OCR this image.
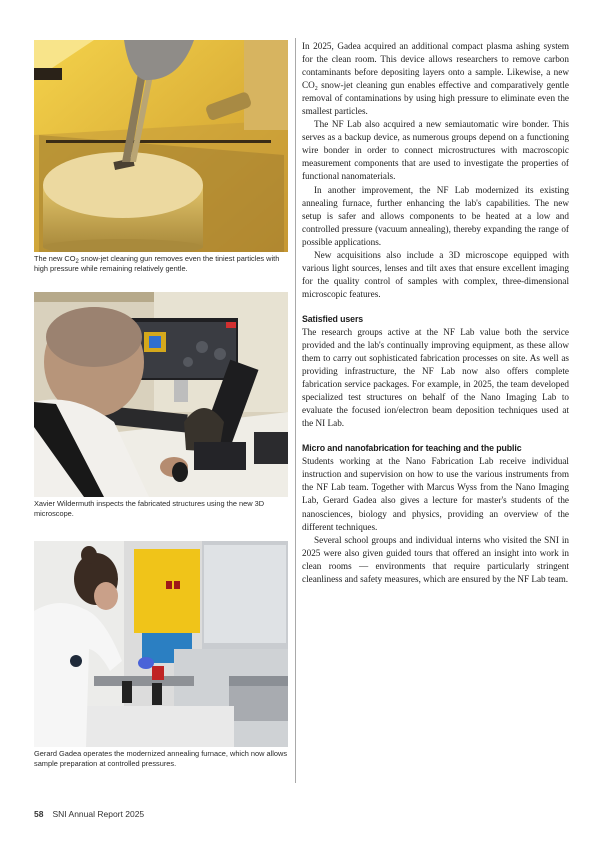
The new $CO_2$ snow-jet cleaning gun removes even the tiniest particles with high pressure while remaining relatively gentle.
Xavier Wildermuth inspects the fabricated structures using the new 3D microscope.
Gerard Gadea operates the modernized annealing furnace, which now allows sample preparation at controlled pressures.

In 2025, Gadea acquired an additional compact plasma ashing system for the clean room. This device allows researchers to remove carbon contaminants before depositing layers onto a sample. Likewise, a new $CO_2$ snow-jet cleaning gun enables effective and comparatively gentle removal of contaminations by using high pressure to eliminate even the smallest particles.

The NF Lab also acquired a new semiautomatic wire bonder. This serves as a backup device, as numerous groups depend on a functioning wire bonder in order to connect microstructures with macroscopic measurement components that are used to investigate the properties of functional nanomaterials.

In another improvement, the NF Lab modernized its existing annealing furnace, further enhancing the lab's capabilities. The new setup is safer and allows components to be heated at a low and controlled pressure (vacuum annealing), thereby expanding the range of possible applications.

New acquisitions also include a 3D microscope equipped with various light sources, lenses and tilt axes that ensure excellent imaging for the quality control of samples with complex, three-dimensional microscopic features.

Satisfied users

The research groups active at the NF Lab value both the service provided and the lab's continually improving equipment, as these allow them to carry out sophisticated fabrication processes on site. As well as providing infrastructure, the NF Lab now also offers complete fabrication service packages. For example, in 2025, the team developed specialized test structures on behalf of the Nano Imaging Lab to evaluate the focused ion/electron beam deposition techniques used at the NI Lab.

Micro and nanofabrication for teaching and the public

Students working at the Nano Fabrication Lab receive individual instruction and supervision on how to use the various instruments from the NF Lab team. Together with Marcus Wyss from the Nano Imaging Lab, Gerard Gadea also gives a lecture for master's students of the nanosciences, biology and physics, providing an overview of the different techniques.

Several school groups and individual interns who visited the SNI in 2025 were also given guided tours that offered an insight into work in clean rooms — environments that require particularly stringent cleanliness and safety measures, which are ensured by the NF Lab team.

58 SNI Annual Report 2025
